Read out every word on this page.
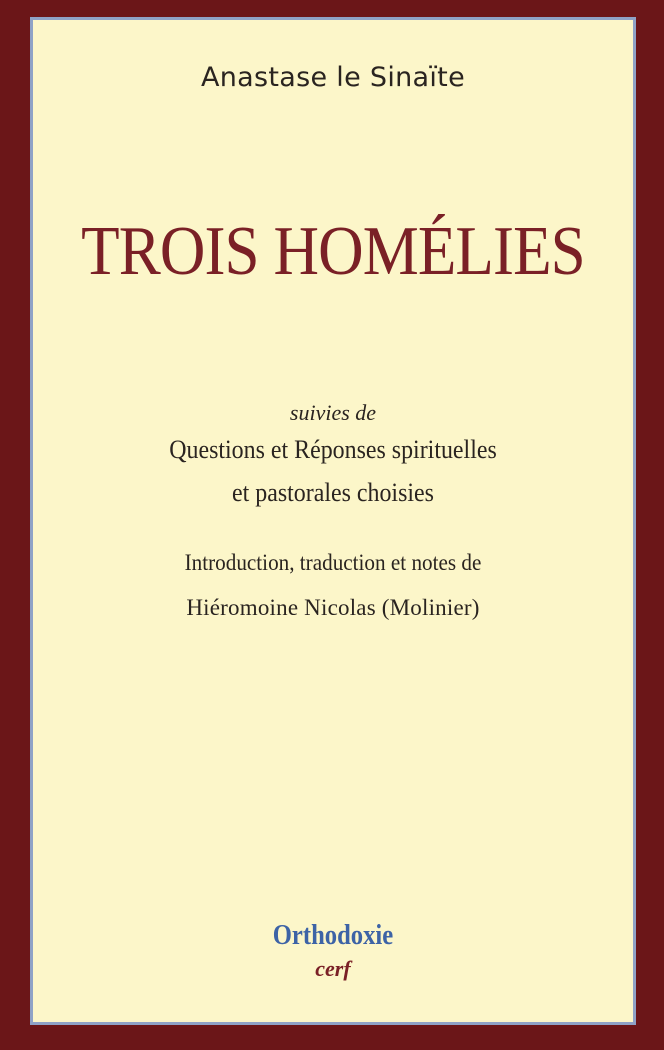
Anastase le Sinaïte
TROIS HOMÉLIES
suivies de
Questions et Réponses spirituelles
et pastorales choisies
Introduction, traduction et notes de
Hiéromoine Nicolas (Molinier)
Orthodoxie
cerf
